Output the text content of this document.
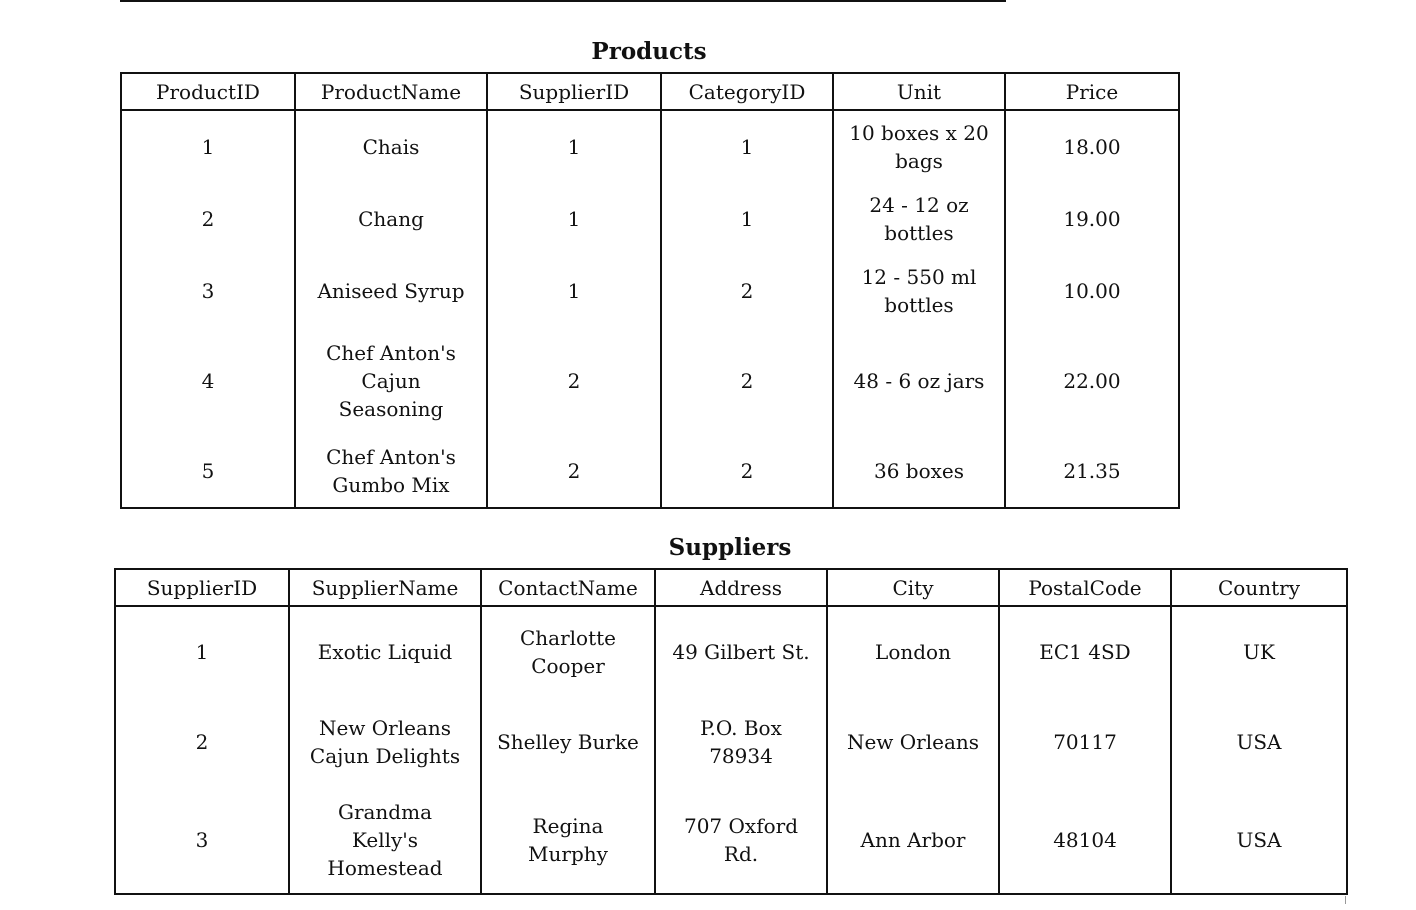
Products
ProductID	ProductName	SupplierID	CategoryID	Unit	Price
1	Chais	1	1	10 boxes x 20 bags	18.00
2	Chang	1	1	24 - 12 oz bottles	19.00
3	Aniseed Syrup	1	2	12 - 550 ml bottles	10.00
4	Chef Anton's Cajun Seasoning	2	2	48 - 6 oz jars	22.00
5	Chef Anton's Gumbo Mix	2	2	36 boxes	21.35
Suppliers
SupplierID	SupplierName	ContactName	Address	City	PostalCode	Country
1	Exotic Liquid	Charlotte Cooper	49 Gilbert St.	London	EC1 4SD	UK
2	New Orleans Cajun Delights	Shelley Burke	P.O. Box 78934	New Orleans	70117	USA
3	Grandma Kelly's Homestead	Regina Murphy	707 Oxford Rd.	Ann Arbor	48104	USA
